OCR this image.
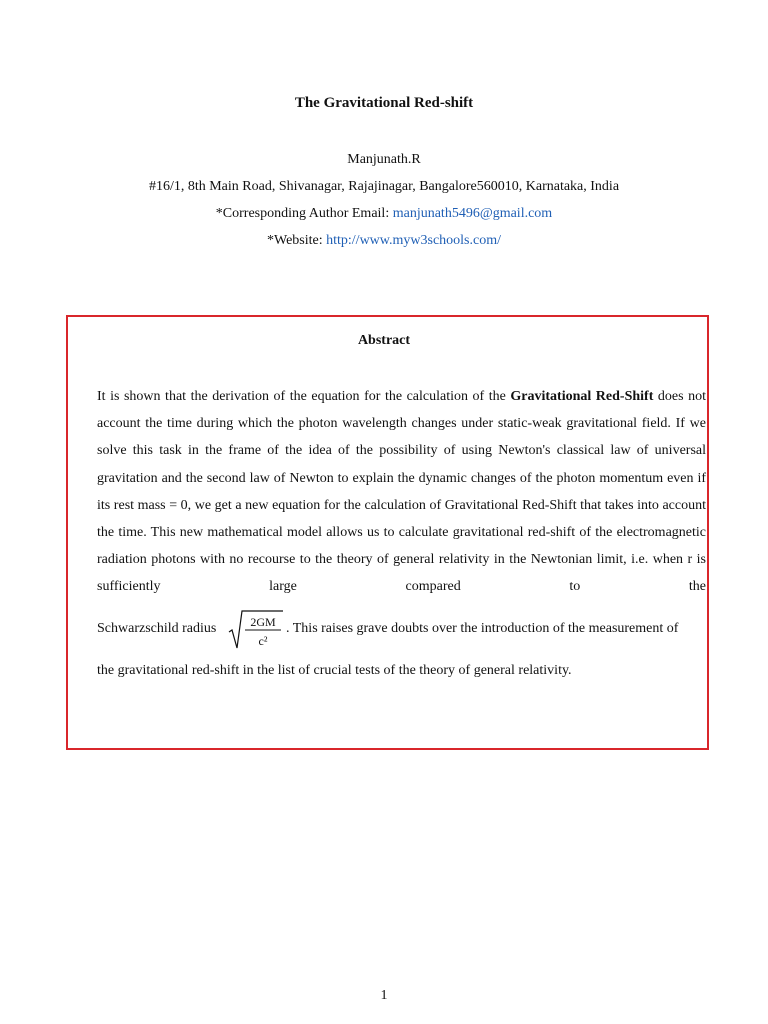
The Gravitational Red-shift
Manjunath.R
#16/1, 8th Main Road, Shivanagar, Rajajinagar, Bangalore560010, Karnataka, India
*Corresponding Author Email: manjunath5496@gmail.com
*Website: http://www.myw3schools.com/
Abstract
It is shown that the derivation of the equation for the calculation of the Gravitational Red-Shift does not account the time during which the photon wavelength changes under static-weak gravitational field. If we solve this task in the frame of the idea of the possibility of using Newton's classical law of universal gravitation and the second law of Newton to explain the dynamic changes of the photon momentum even if its rest mass = 0, we get a new equation for the calculation of Gravitational Red-Shift that takes into account the time. This new mathematical model allows us to calculate gravitational red-shift of the electromagnetic radiation photons with no recourse to the theory of general relativity in the Newtonian limit, i.e. when r is sufficiently large compared to the
Schwarzschild radius	2GM
c²
. This raises grave doubts over the introduction of the measurement of
the gravitational red-shift in the list of crucial tests of the theory of general relativity.
1
